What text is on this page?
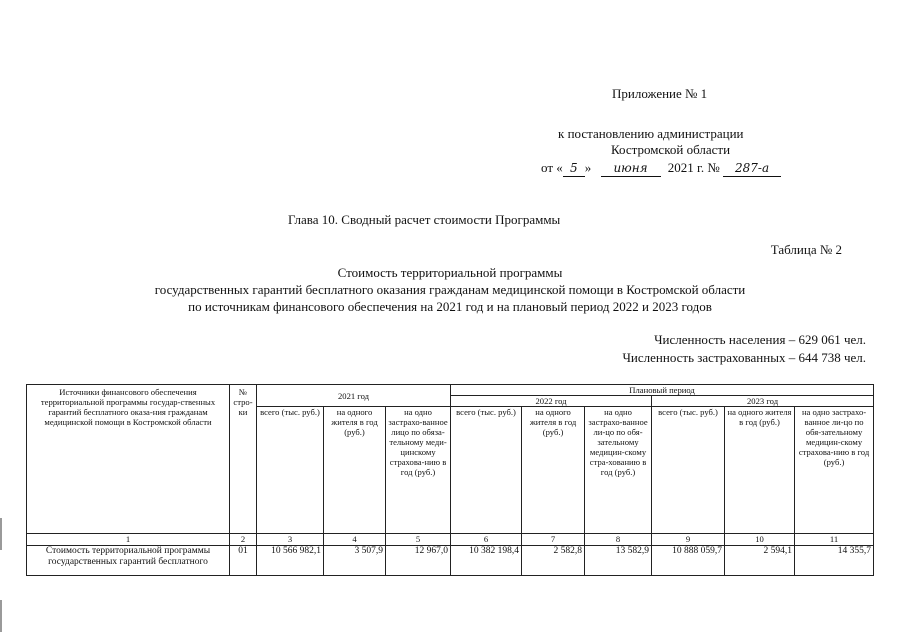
Приложение № 1
к постановлению администрации
Костромской области
от « 5 » июня 2021 г. № 287-а
Глава 10. Сводный расчет стоимости Программы
Таблица № 2
Стоимость территориальной программы
государственных гарантий бесплатного оказания гражданам медицинской помощи в Костромской области
по источникам финансового обеспечения на 2021 год и на плановый период 2022 и 2023 годов
Численность населения – 629 061 чел.
Численность застрахованных – 644 738 чел.
Источники финансового обеспечения территориальной программы государ-ственных гарантий бесплатного оказа-ния гражданам медицинской помощи в Костромской области	№ стро-ки	2021 год			Плановый период					
					2022 год			2023 год		
		всего (тыс. руб.)	на одного жителя в год (руб.)	на одно застрахо-ванное лицо по обяза-тельному меди-цинскому страхова-нию в год (руб.)	всего (тыс. руб.)	на одного жителя в год (руб.)	на одно застрахо-ванное ли-цо по обя-зательному медицин-скому стра-хованию в год (руб.)	всего (тыс. руб.)	на одного жителя в год (руб.)	на одно застрахо-ванное ли-цо по обя-зательному медицин-скому страхова-нию в год (руб.)
1	2	3	4	5	6	7	8	9	10	11
Стоимость территориальной программы государственных гарантий бесплатного	01	10 566 982,1	3 507,9	12 967,0	10 382 198,4	2 582,8	13 582,9	10 888 059,7	2 594,1	14 355,7
